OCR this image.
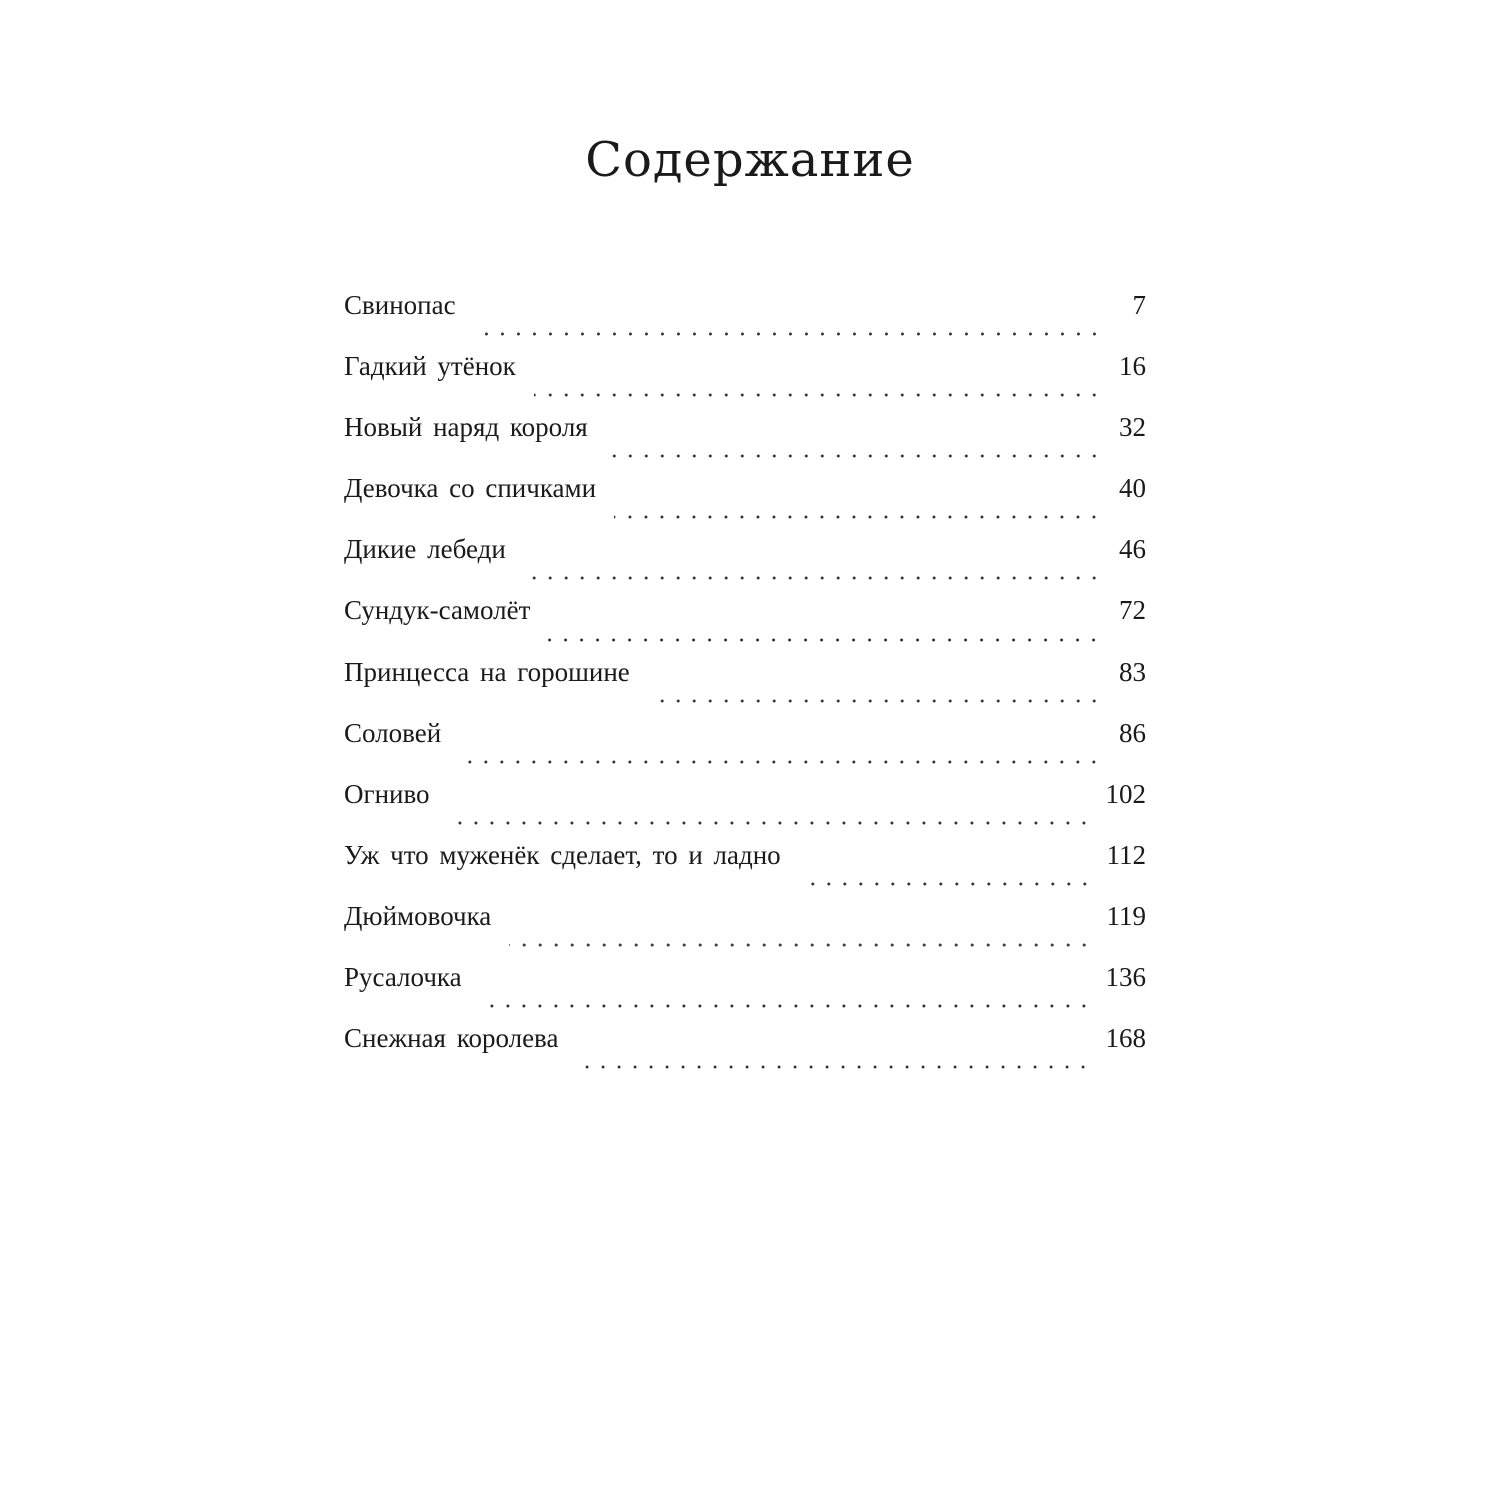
Содержание
Свинопас	7
Гадкий утёнок	16
Новый наряд короля	32
Девочка со спичками	40
Дикие лебеди	46
Сундук-самолёт	72
Принцесса на горошине	83
Соловей	86
Огниво	102
Уж что муженёк сделает, то и ладно	112
Дюймовочка	119
Русалочка	136
Снежная королева	168
